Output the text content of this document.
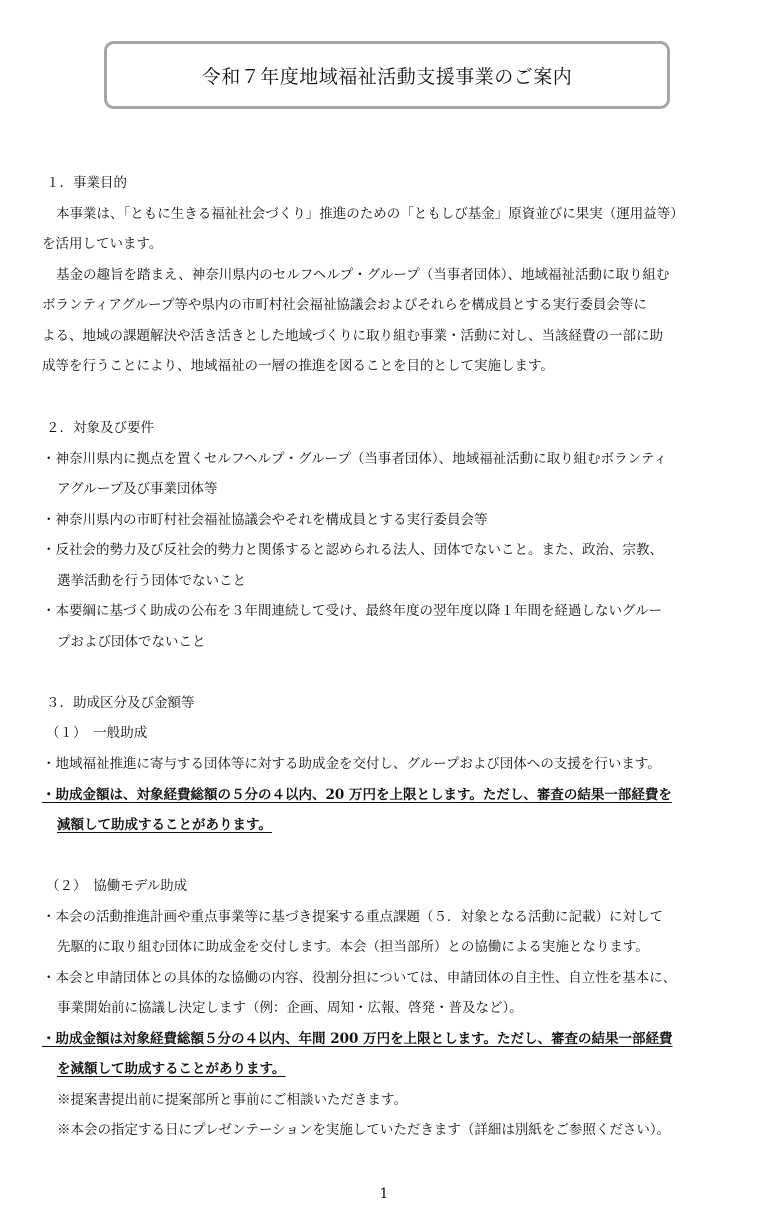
令和７年度地域福祉活動支援事業のご案内
１．事業目的
本事業は、「ともに生きる福祉社会づくり」推進のための「ともしび基金」原資並びに果実（運用益等）
を活用しています。
基金の趣旨を踏まえ、神奈川県内のセルフヘルプ・グループ（当事者団体）、地域福祉活動に取り組む
ボランティアグループ等や県内の市町村社会福祉協議会およびそれらを構成員とする実行委員会等に
よる、地域の課題解決や活き活きとした地域づくりに取り組む事業・活動に対し、当該経費の一部に助
成等を行うことにより、地域福祉の一層の推進を図ることを目的として実施します。
２．対象及び要件
・神奈川県内に拠点を置くセルフヘルプ・グループ（当事者団体）、地域福祉活動に取り組むボランティ
アグループ及び事業団体等
・神奈川県内の市町村社会福祉協議会やそれを構成員とする実行委員会等
・反社会的勢力及び反社会的勢力と関係すると認められる法人、団体でないこと。また、政治、宗教、
選挙活動を行う団体でないこと
・本要綱に基づく助成の公布を３年間連続して受け、最終年度の翌年度以降１年間を経過しないグルー
プおよび団体でないこと
３．助成区分及び金額等
（１）　一般助成
・地域福祉推進に寄与する団体等に対する助成金を交付し、グループおよび団体への支援を行います。
・助成金額は、対象経費総額の５分の４以内、20 万円を上限とします。ただし、審査の結果一部経費を
減額して助成することがあります。
（２）　協働モデル助成
・本会の活動推進計画や重点事業等に基づき提案する重点課題（５．対象となる活動に記載）に対して
先駆的に取り組む団体に助成金を交付します。本会（担当部所）との協働による実施となります。
・本会と申請団体との具体的な協働の内容、役割分担については、申請団体の自主性、自立性を基本に、
事業開始前に協議し決定します（例：企画、周知・広報、啓発・普及など）。
・助成金額は対象経費総額５分の４以内、年間 200 万円を上限とします。ただし、審査の結果一部経費
を減額して助成することがあります。
※提案書提出前に提案部所と事前にご相談いただきます。
※本会の指定する日にプレゼンテーションを実施していただきます（詳細は別紙をご参照ください）。
1
